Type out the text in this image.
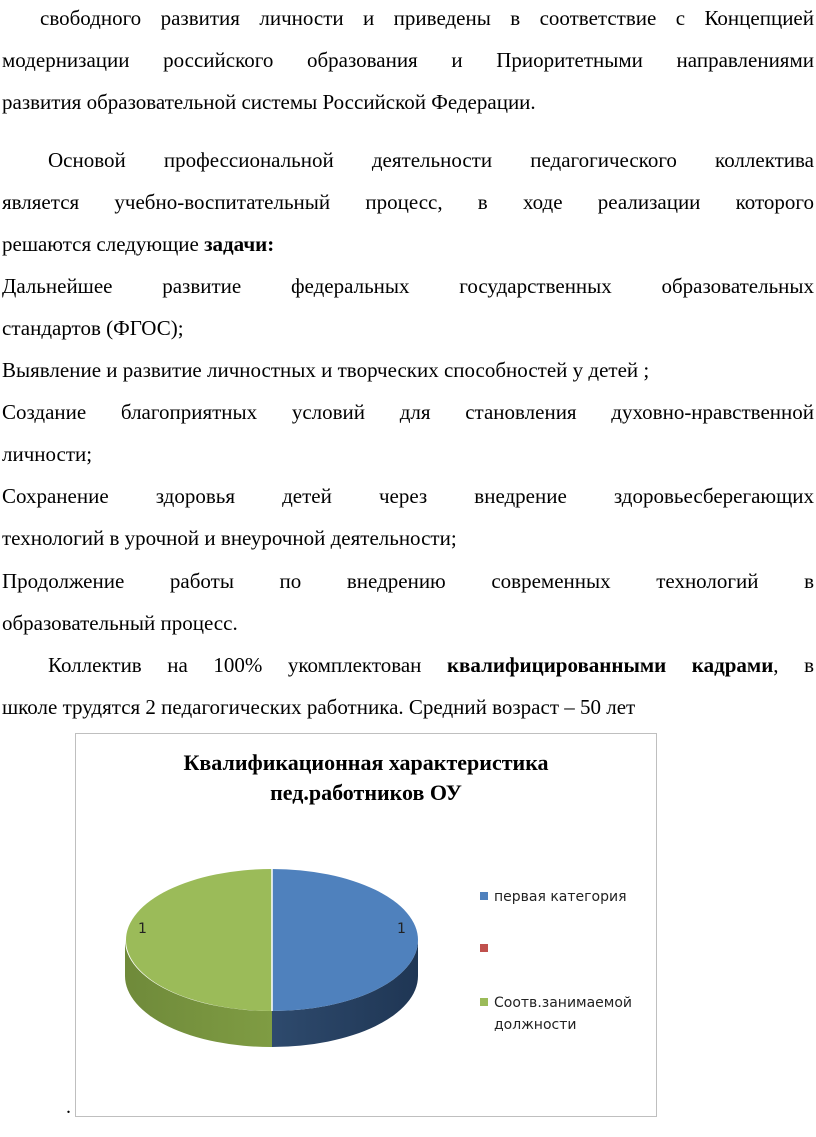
свободного развития личности и приведены в соответствие с Концепцией
модернизации российского образования и Приоритетными направлениями
развития образовательной системы Российской Федерации.
Основой профессиональной деятельности педагогического коллектива
является учебно-воспитательный процесс, в ходе реализации которого
решаются следующие задачи:
Дальнейшее развитие федеральных государственных образовательных
стандартов (ФГОС);
Выявление и развитие личностных и творческих способностей у детей ;
Создание благоприятных условий для становления духовно-нравственной
личности;
Сохранение здоровья детей через внедрение здоровьесберегающих
технологий в урочной и внеурочной деятельности;
Продолжение работы по внедрению современных технологий в
образовательный процесс.
Коллектив на 100% укомплектован квалифицированными кадрами, в
школе трудятся 2 педагогических работника. Средний возраст – 50 лет
Квалификационная характеристика
пед.работников ОУ
1	1
первая категория
Соотв.занимаемой
должности
.
